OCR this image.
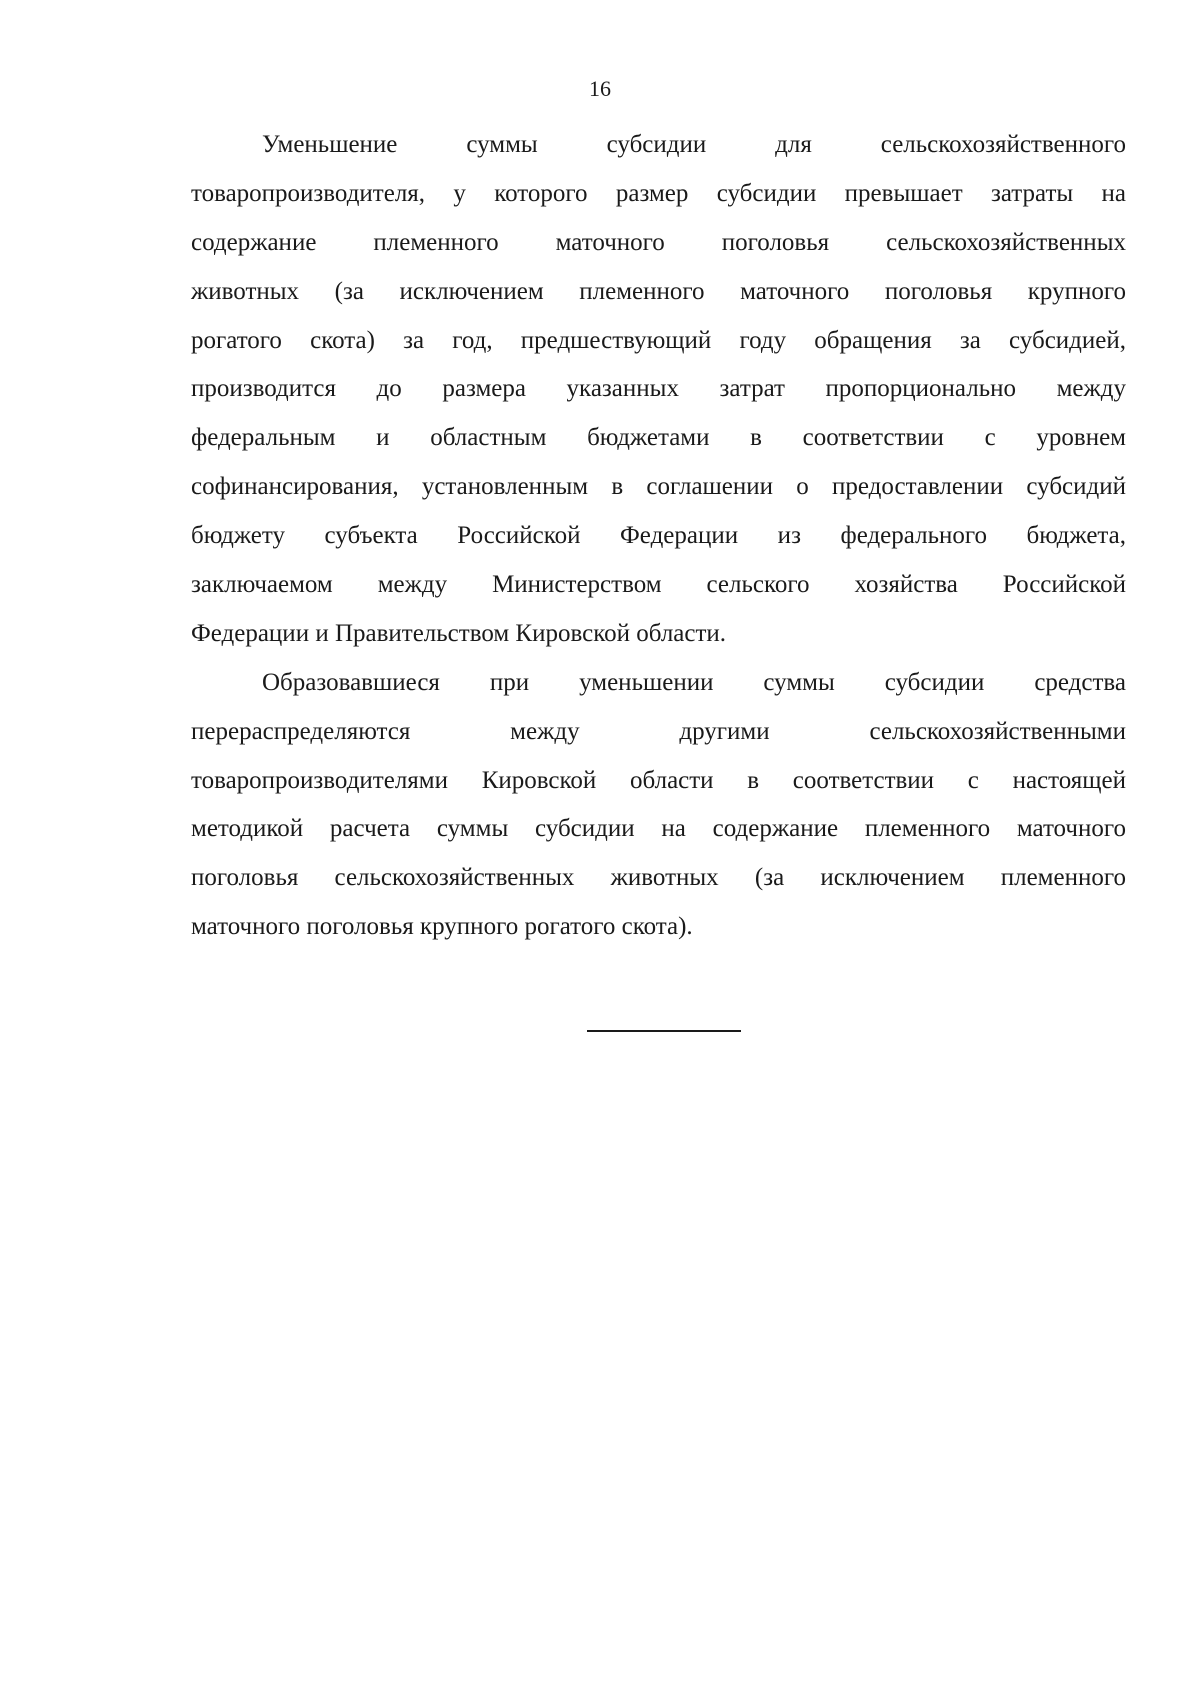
16
Уменьшение суммы субсидии для сельскохозяйственного
товаропроизводителя, у которого размер субсидии превышает затраты на
содержание племенного маточного поголовья сельскохозяйственных
животных (за исключением племенного маточного поголовья крупного
рогатого скота) за год, предшествующий году обращения за субсидией,
производится до размера указанных затрат пропорционально между
федеральным и областным бюджетами в соответствии с уровнем
софинансирования, установленным в соглашении о предоставлении субсидий
бюджету субъекта Российской Федерации из федерального бюджета,
заключаемом между Министерством сельского хозяйства Российской
Федерации и Правительством Кировской области.
Образовавшиеся при уменьшении суммы субсидии средства
перераспределяются между другими сельскохозяйственными
товаропроизводителями Кировской области в соответствии с настоящей
методикой расчета суммы субсидии на содержание племенного маточного
поголовья сельскохозяйственных животных (за исключением племенного
маточного поголовья крупного рогатого скота).
